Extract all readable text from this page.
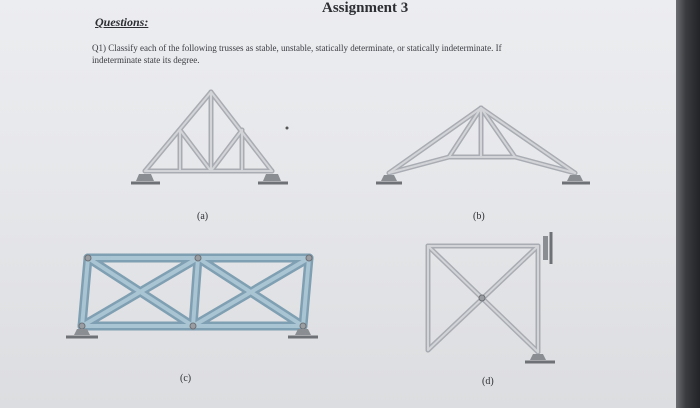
Assignment 3
Questions:
Q1) Classify each of the following trusses as stable, unstable, statically determinate, or statically indeterminate. If
indeterminate state its degree.
(a)	(b)
(c)	(d)
